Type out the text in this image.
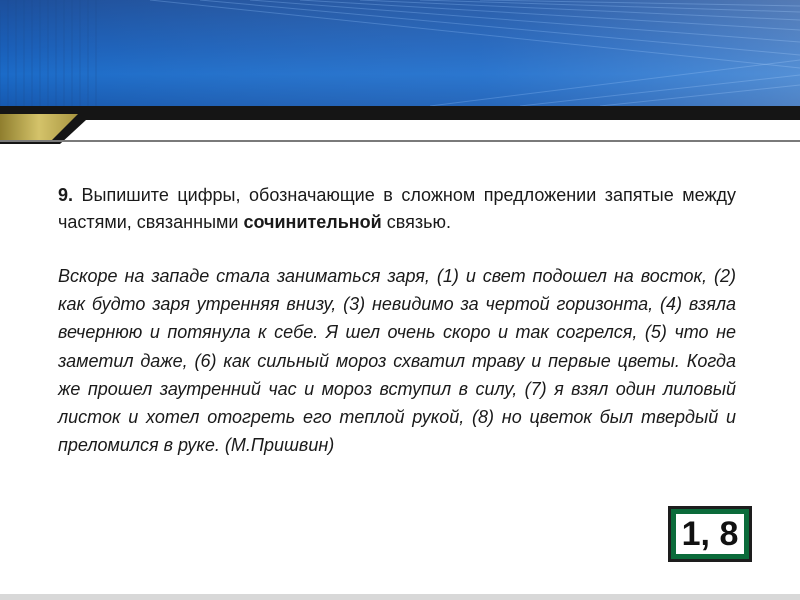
9. Выпишите цифры, обозначающие в сложном предложении запятые между частями, связанными сочинительной связью.
Вскоре на западе стала заниматься заря, (1) и свет подошел на восток, (2) как будто заря утренняя внизу, (3) невидимо за чертой горизонта, (4) взяла вечернюю и потянула к себе. Я шел очень скоро и так согрелся, (5) что не заметил даже, (6) как сильный мороз схватил траву и первые цветы. Когда же прошел заутренний час и мороз вступил в силу, (7) я взял один лиловый листок и хотел отогреть его теплой рукой, (8) но цветок был твердый и преломился в руке. (М.Пришвин)
1, 8
